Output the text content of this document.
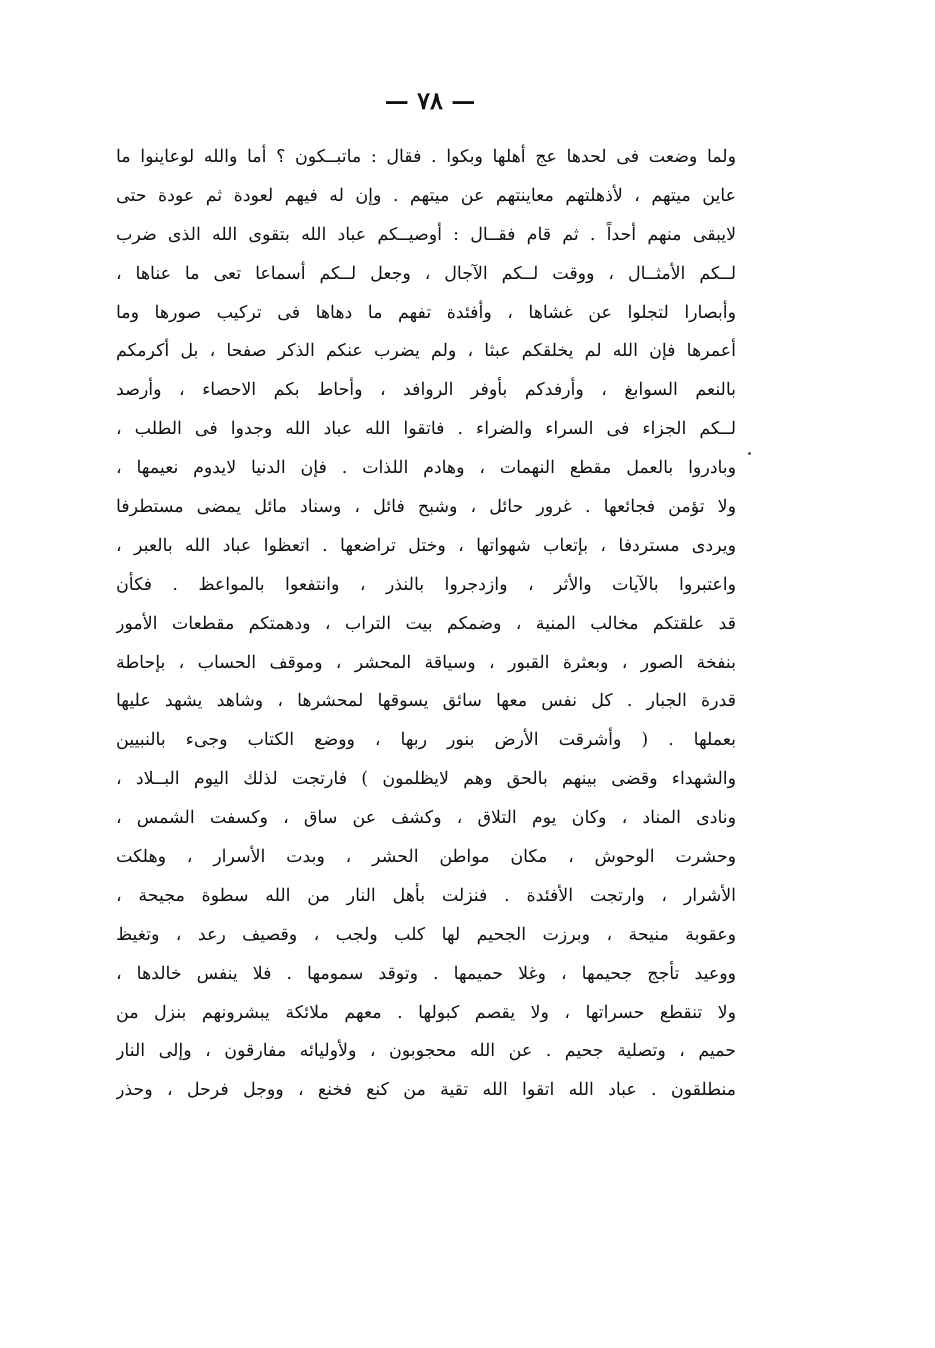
— ٧٨ —
ولما وضعت فى لحدها عج أهلها وبكوا . فقال : ماتبــكون ؟ أما والله لوعاينوا ما
عاين ميتهم ، لأذهلتهم معاينتهم عن ميتهم . وإن له فيهم لعودة ثم عودة حتى
لايبقى منهم أحداً . ثم قام فقــال : أوصيــكم عباد الله بتقوى الله الذى ضرب
لــكم الأمثــال ، ووقت لــكم الآجال ، وجعل لــكم أسماعا تعى ما عناها ،
وأبصارا لتجلوا عن غشاها ، وأفئدة تفهم ما دهاها فى تركيب صورها وما
أعمرها فإن الله لم يخلقكم عبثا ، ولم يضرب عنكم الذكر صفحا ، بل أكرمكم
بالنعم السوابغ ، وأرفدكم بأوفر الروافد ، وأحاط بكم الاحصاء ، وأرصد
لــكم الجزاء فى السراء والضراء . فاتقوا الله عباد الله وجدوا فى الطلب ،
وبادروا بالعمل مقطع النهمات ، وهادم اللذات . فإن الدنيا لايدوم نعيمها ،
ولا تؤمن فجائعها . غرور حائل ، وشبح فائل ، وسناد مائل يمضى مستطرفا
ويردى مستردفا ، بإتعاب شهواتها ، وختل تراضعها . اتعظوا عباد الله بالعبر ،
واعتبروا بالآيات والأثر ، وازدجروا بالنذر ، وانتفعوا بالمواعظ . فكأن
قد علقتكم مخالب المنية ، وضمكم بيت التراب ، ودهمتكم مقطعات الأمور
بنفخة الصور ، وبعثرة القبور ، وسياقة المحشر ، وموقف الحساب ، بإحاطة
قدرة الجبار . كل نفس معها سائق يسوقها لمحشرها ، وشاهد يشهد عليها
بعملها . ( وأشرقت الأرض بنور ربها ، ووضع الكتاب وجىء بالنبيين
والشهداء وقضى بينهم بالحق وهم لايظلمون ) فارتجت لذلك اليوم البــلاد ،
ونادى المناد ، وكان يوم التلاق ، وكشف عن ساق ، وكسفت الشمس ،
وحشرت الوحوش ، مكان مواطن الحشر ، وبدت الأسرار ، وهلكت
الأشرار ، وارتجت الأفئدة . فنزلت بأهل النار من الله سطوة مجيحة ،
وعقوبة منيحة ، وبرزت الجحيم لها كلب ولجب ، وقصيف رعد ، وتغيظ
ووعيد تأجج جحيمها ، وغلا حميمها . وتوقد سمومها . فلا ينفس خالدها ،
ولا تنقطع حسراتها ، ولا يقصم كبولها . معهم ملائكة يبشرونهم بنزل من
حميم ، وتصلية جحيم . عن الله محجوبون ، ولأوليائه مفارقون ، وإلى النار
منطلقون . عباد الله اتقوا الله تقية من كنع فخنع ، ووجل فرحل ، وحذر
